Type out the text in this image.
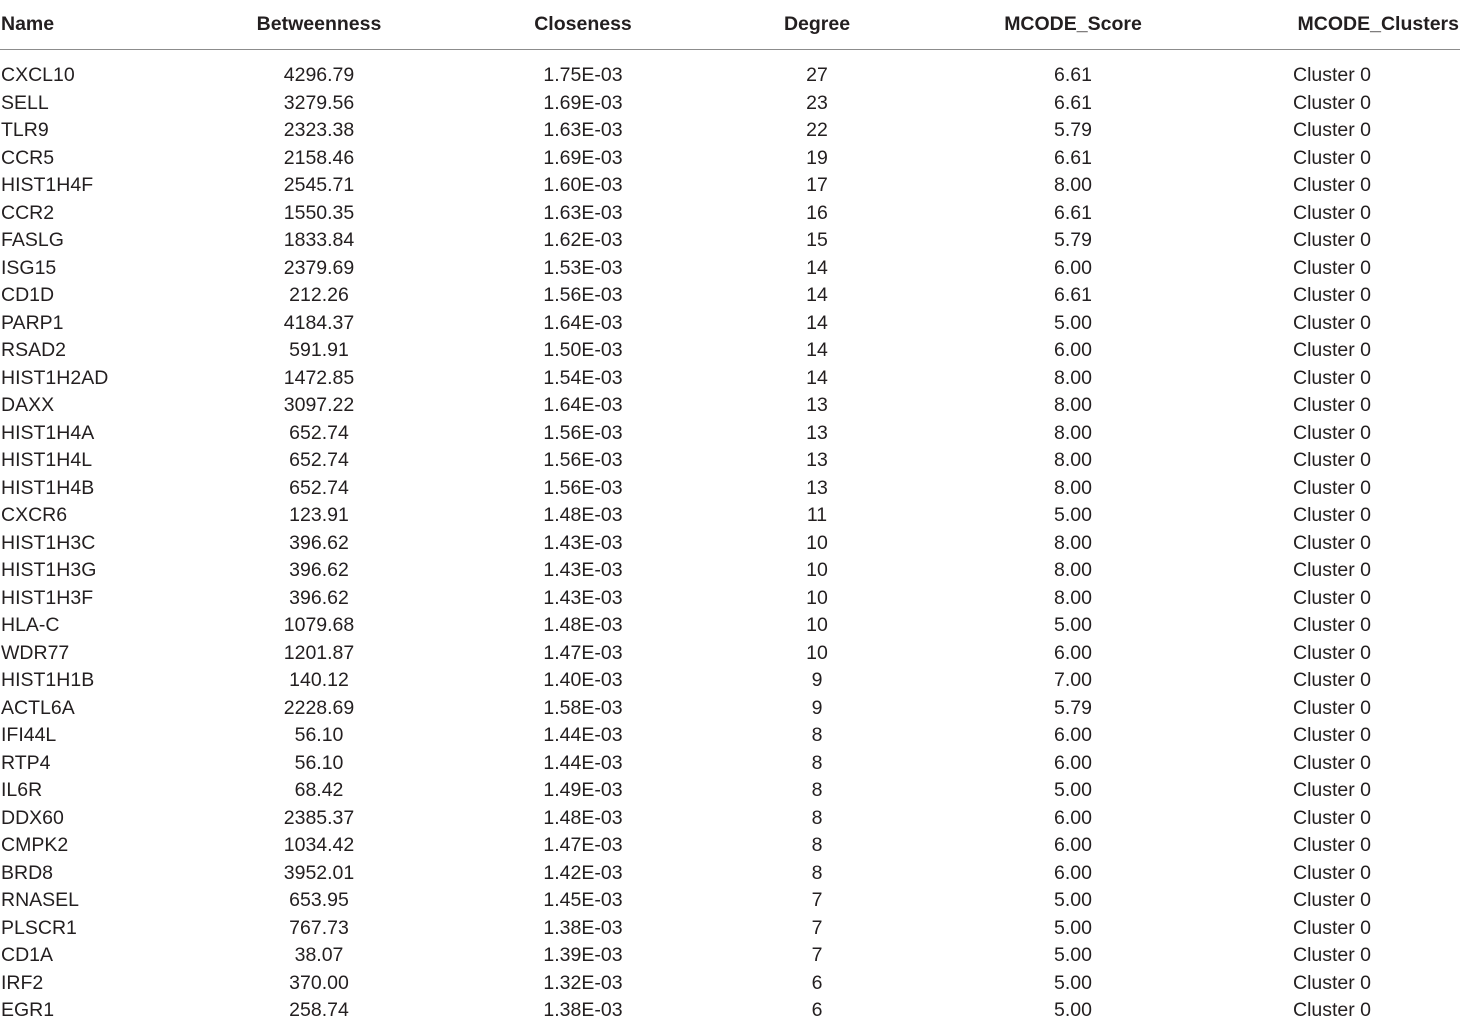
Name	Betweenness	Closeness	Degree	MCODE_Score	MCODE_Clusters

CXCL10	4296.79	1.75E-03	27	6.61	Cluster 0
SELL	3279.56	1.69E-03	23	6.61	Cluster 0
TLR9	2323.38	1.63E-03	22	5.79	Cluster 0
CCR5	2158.46	1.69E-03	19	6.61	Cluster 0
HIST1H4F	2545.71	1.60E-03	17	8.00	Cluster 0
CCR2	1550.35	1.63E-03	16	6.61	Cluster 0
FASLG	1833.84	1.62E-03	15	5.79	Cluster 0
ISG15	2379.69	1.53E-03	14	6.00	Cluster 0
CD1D	212.26	1.56E-03	14	6.61	Cluster 0
PARP1	4184.37	1.64E-03	14	5.00	Cluster 0
RSAD2	591.91	1.50E-03	14	6.00	Cluster 0
HIST1H2AD	1472.85	1.54E-03	14	8.00	Cluster 0
DAXX	3097.22	1.64E-03	13	8.00	Cluster 0
HIST1H4A	652.74	1.56E-03	13	8.00	Cluster 0
HIST1H4L	652.74	1.56E-03	13	8.00	Cluster 0
HIST1H4B	652.74	1.56E-03	13	8.00	Cluster 0
CXCR6	123.91	1.48E-03	11	5.00	Cluster 0
HIST1H3C	396.62	1.43E-03	10	8.00	Cluster 0
HIST1H3G	396.62	1.43E-03	10	8.00	Cluster 0
HIST1H3F	396.62	1.43E-03	10	8.00	Cluster 0
HLA-C	1079.68	1.48E-03	10	5.00	Cluster 0
WDR77	1201.87	1.47E-03	10	6.00	Cluster 0
HIST1H1B	140.12	1.40E-03	9	7.00	Cluster 0
ACTL6A	2228.69	1.58E-03	9	5.79	Cluster 0
IFI44L	56.10	1.44E-03	8	6.00	Cluster 0
RTP4	56.10	1.44E-03	8	6.00	Cluster 0
IL6R	68.42	1.49E-03	8	5.00	Cluster 0
DDX60	2385.37	1.48E-03	8	6.00	Cluster 0
CMPK2	1034.42	1.47E-03	8	6.00	Cluster 0
BRD8	3952.01	1.42E-03	8	6.00	Cluster 0
RNASEL	653.95	1.45E-03	7	5.00	Cluster 0
PLSCR1	767.73	1.38E-03	7	5.00	Cluster 0
CD1A	38.07	1.39E-03	7	5.00	Cluster 0
IRF2	370.00	1.32E-03	6	5.00	Cluster 0
EGR1	258.74	1.38E-03	6	5.00	Cluster 0
